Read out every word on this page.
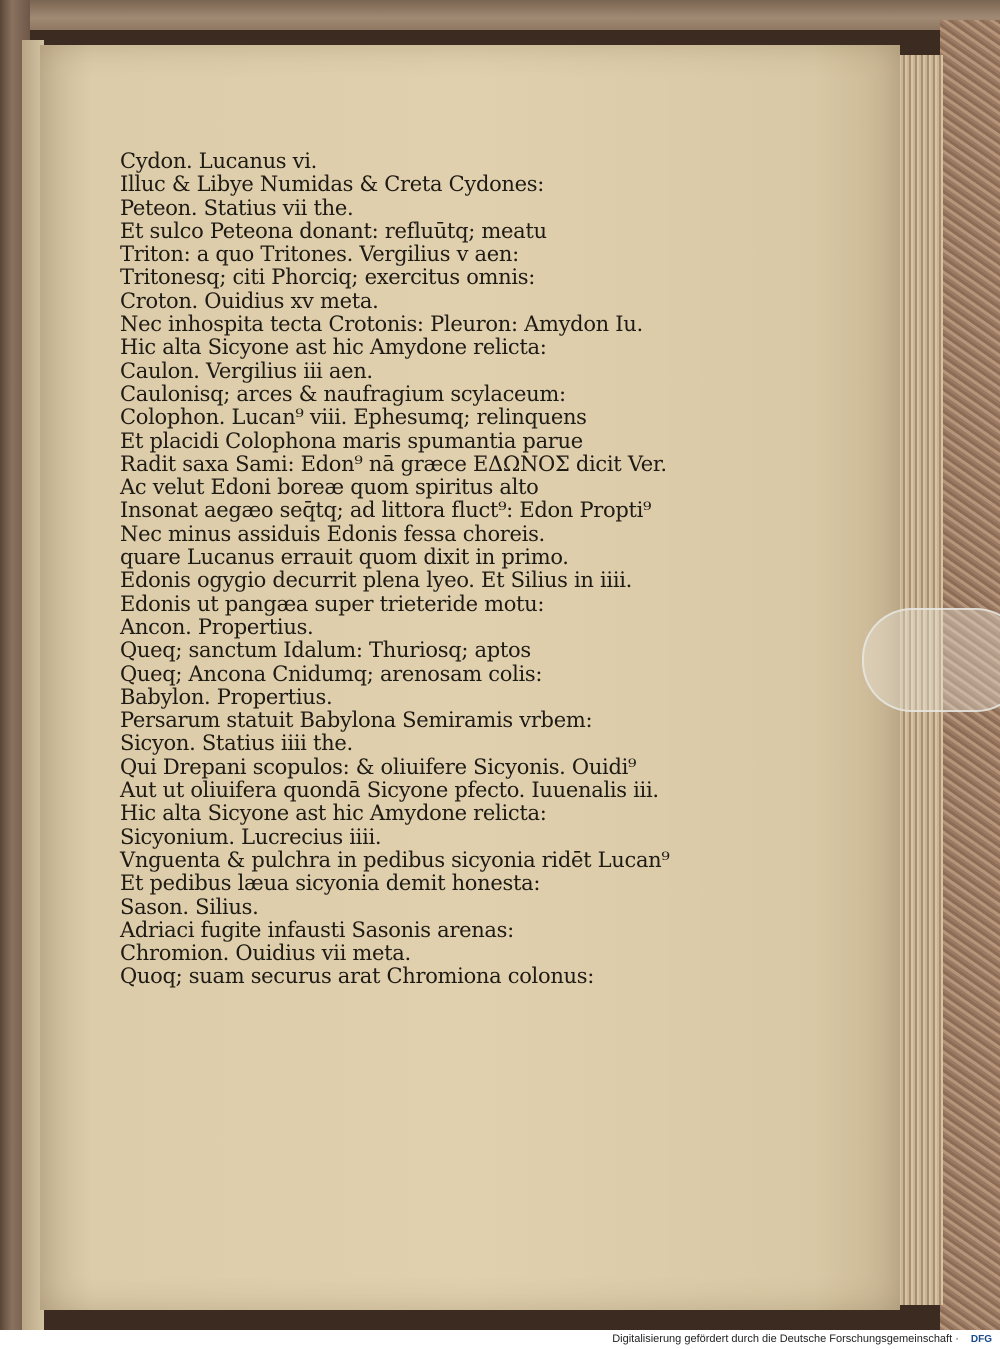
Cydon. Lucanus vi.
Illuc & Libye Numidas & Creta Cydones:
Peteon. Statius vii the.
Et sulco Peteona donant: refluūtq; meatu
Triton: a quo Tritones. Vergilius v aen:
Tritonesq; citi Phorciq; exercitus omnis:
Croton. Ouidius xv meta.
Nec inhospita tecta Crotonis: Pleuron: Amydon Iu.
Hic alta Sicyone ast hic Amydone relicta:
Caulon. Vergilius iii aen.
Caulonisq; arces & naufragium scylaceum:
Colophon. Lucan⁹ viii. Ephesumq; relinquens
Et placidi Colophona maris spumantia parue
Radit saxa Sami: Edon⁹ nā græce ΕΔΩΝΟΣ dicit Ver.
Ac velut Edoni boreæ quom spiritus alto
Insonat aegæo seq̄tq; ad littora fluct⁹: Edon Propti⁹
Nec minus assiduis Edonis fessa choreis.
quare Lucanus errauit quom dixit in primo.
Edonis ogygio decurrit plena lyeo. Et Silius in iiii.
Edonis ut pangæa super trieteride motu:
Ancon. Propertius.
Queq; sanctum Idalum: Thuriosq; aptos
Queq; Ancona Cnidumq; arenosam colis:
Babylon. Propertius.
Persarum statuit Babylona Semiramis vrbem:
Sicyon. Statius iiii the.
Qui Drepani scopulos: & oliuifere Sicyonis. Ouidi⁹
Aut ut oliuifera quondā Sicyone pfecto. Iuuenalis iii.
Hic alta Sicyone ast hic Amydone relicta:
Sicyonium. Lucrecius iiii.
Vnguenta & pulchra in pedibus sicyonia ridēt Lucan⁹
Et pedibus læua sicyonia demit honesta:
Sason. Silius.
Adriaci fugite infausti Sasonis arenas:
Chromion. Ouidius vii meta.
Quoq; suam securus arat Chromiona colonus:
Digitalisierung gefördert durch die Deutsche Forschungsgemeinschaft · DFG
